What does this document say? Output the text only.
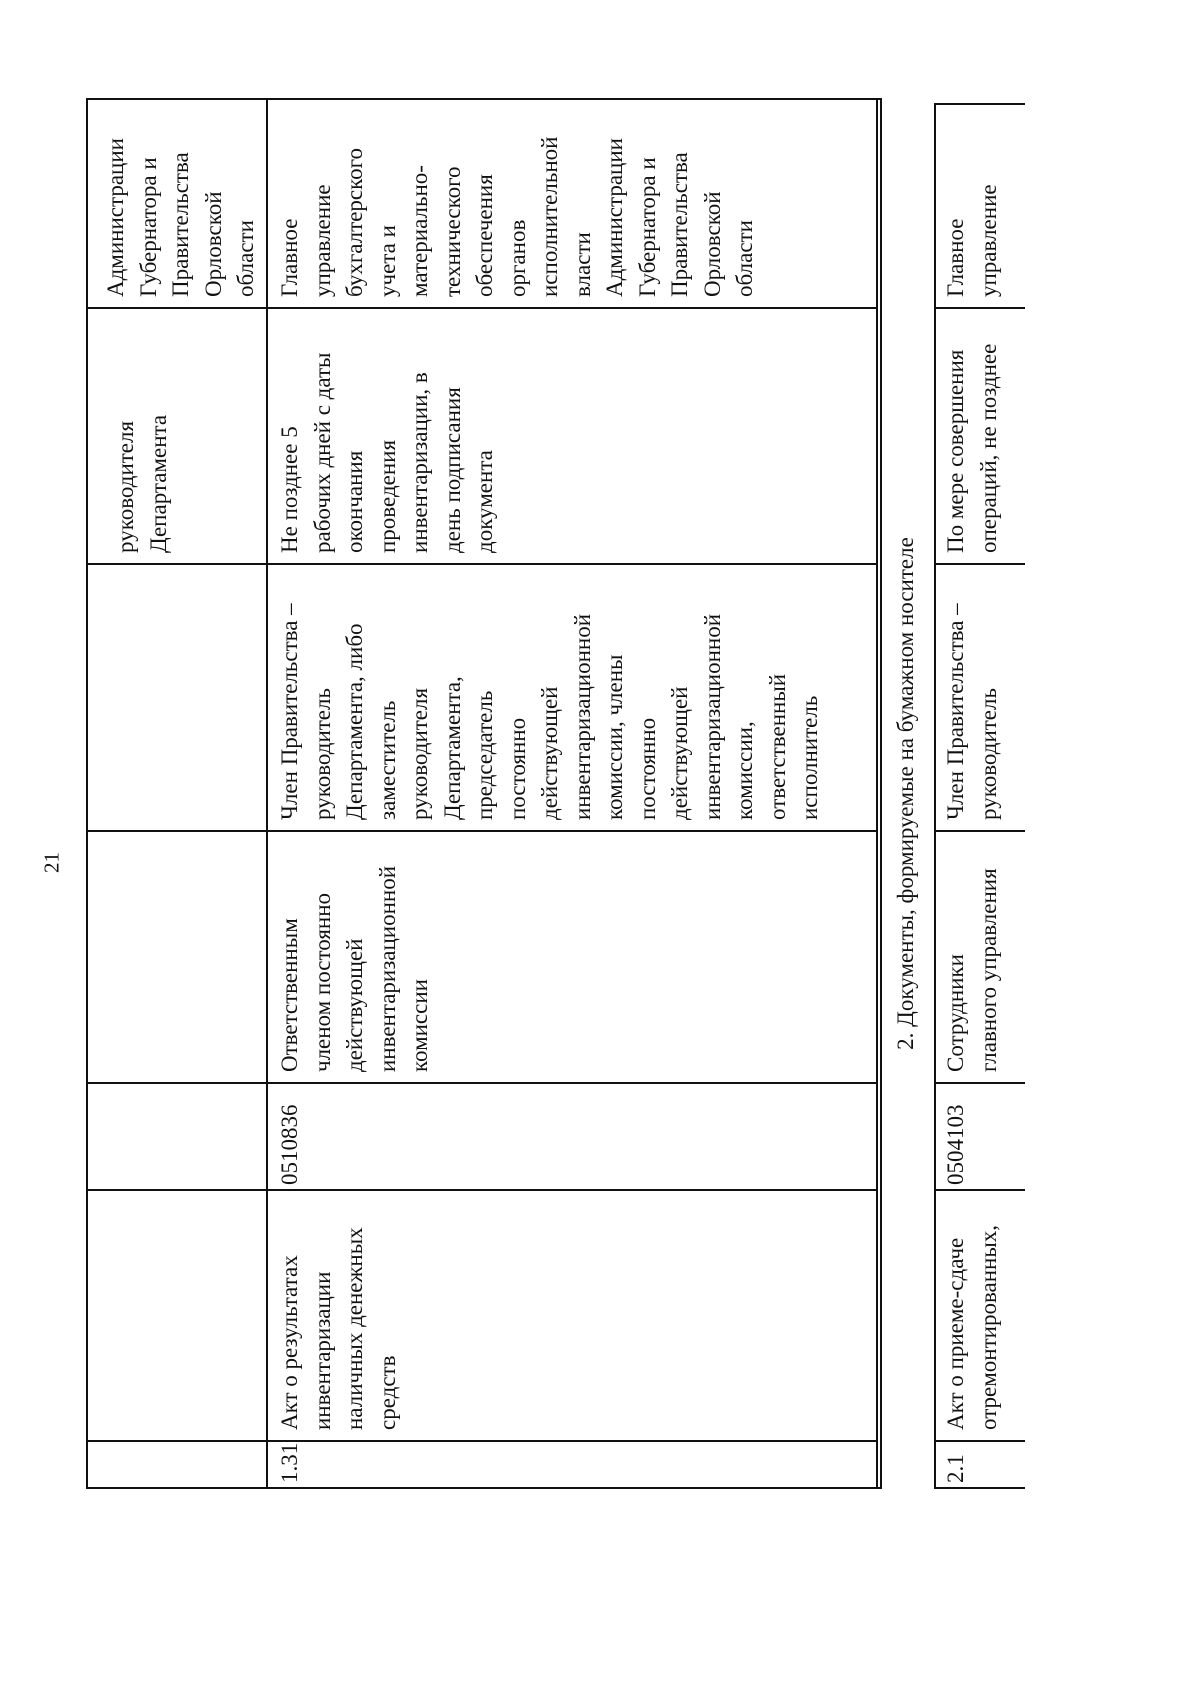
21
руководителя
Департамента
Администрации
Губернатора и
Правительства
Орловской
области
1.31
Акт о результатах
инвентаризации
наличных денежных
средств
0510836
Ответственным
членом постоянно
действующей
инвентаризационной
комиссии
Член Правительства –
руководитель
Департамента, либо
заместитель
руководителя
Департамента,
председатель
постоянно
действующей
инвентаризационной
комиссии, члены
постоянно
действующей
инвентаризационной
комиссии,
ответственный
исполнитель
Не позднее 5
рабочих дней с даты
окончания
проведения
инвентаризации, в
день подписания
документа
Главное
управление
бухгалтерского
учета и
материально-
технического
обеспечения
органов
исполнительной
власти
Администрации
Губернатора и
Правительства
Орловской
области
2. Документы, формируемые на бумажном носителе
2.1
Акт о приеме-сдаче
отремонтированных,
0504103
Сотрудники
главного управления
Член Правительства –
руководитель
По мере совершения
операций, не позднее
Главное
управление
